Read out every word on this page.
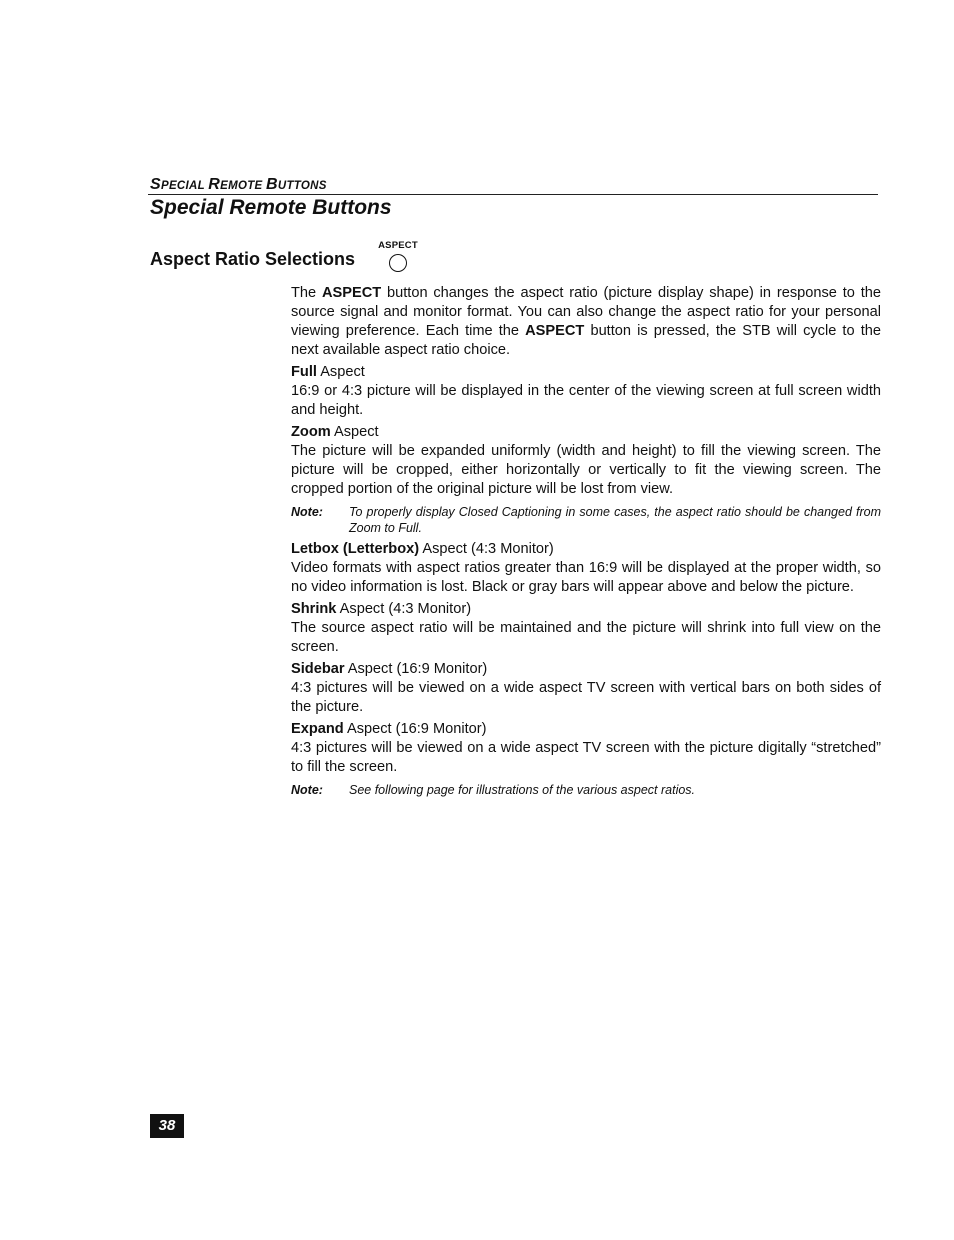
SPECIAL REMOTE BUTTONS
Special Remote Buttons
Aspect Ratio Selections
ASPECT

The ASPECT button changes the aspect ratio (picture display shape) in response to the source signal and monitor format. You can also change the aspect ratio for your personal viewing preference. Each time the ASPECT button is pressed, the STB will cycle to the next available aspect ratio choice.

Full Aspect

16:9 or 4:3 picture will be displayed in the center of the viewing screen at full screen width and height.

Zoom Aspect

The picture will be expanded uniformly (width and height) to fill the viewing screen. The picture will be cropped, either horizontally or vertically to fit the viewing screen. The cropped portion of the original picture will be lost from view.

Note:	To properly display Closed Captioning in some cases, the aspect ratio should be changed from Zoom to Full.

Letbox (Letterbox) Aspect (4:3 Monitor)

Video formats with aspect ratios greater than 16:9 will be displayed at the proper width, so no video information is lost. Black or gray bars will appear above and below the picture.

Shrink Aspect (4:3 Monitor)

The source aspect ratio will be maintained and the picture will shrink into full view on the screen.

Sidebar Aspect (16:9 Monitor)

4:3 pictures will be viewed on a wide aspect TV screen with vertical bars on both sides of the picture.

Expand Aspect (16:9 Monitor)

4:3 pictures will be viewed on a wide aspect TV screen with the picture digitally “stretched” to fill the screen.

Note:	See following page for illustrations of the various aspect ratios.
38
